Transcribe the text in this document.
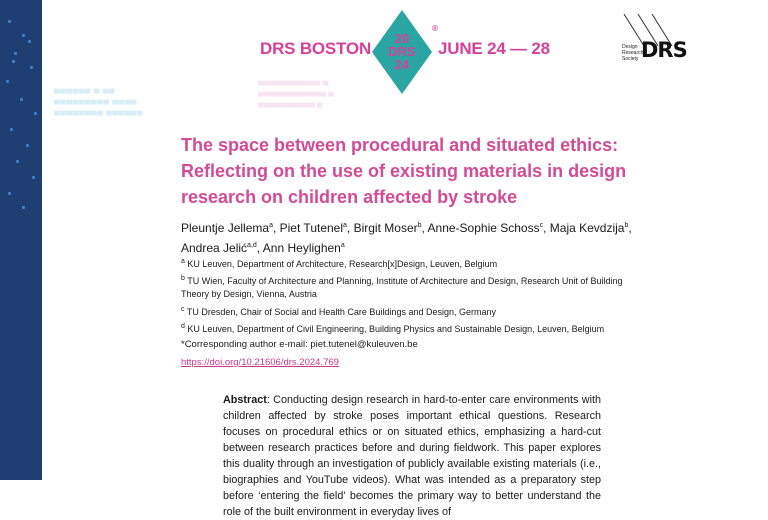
▀▀▀▀▀▀ ▀ ▀▀
▀▀▀▀▀▀▀▀▀ ▀▀▀▀
▀▀▀▀▀▀▀▀ ▀▀▀▀▀▀
▀▀▀▀▀▀▀▀▀▀▀ ▀
▀▀▀▀▀▀▀▀▀▀▀▀ ▀
▀▀▀▀▀▀▀▀▀▀ ▀
DRS BOSTON
20
DRS
24
®
JUNE 24 — 28	Design
Research
Society DRS
The space between procedural and situated ethics: Reflecting on the use of existing materials in design research on children affected by stroke
Pleuntje Jellema$^a$, Piet Tutenel$^a$, Birgit Moser$^b$, Anne-Sophie Schoss$^c$, Maja Kevdzija$^b$, Andrea Jelić$^{a,d}$, Ann Heylighen$^a$
$^a$ KU Leuven, Department of Architecture, Research[x]Design, Leuven, Belgium
$^b$ TU Wien, Faculty of Architecture and Planning, Institute of Architecture and Design, Research Unit of Building Theory by Design, Vienna, Austria
$^c$ TU Dresden, Chair of Social and Health Care Buildings and Design, Germany
$^d$ KU Leuven, Department of Civil Engineering, Building Physics and Sustainable Design, Leuven, Belgium
*Corresponding author e-mail: piet.tutenel@kuleuven.be
https://doi.org/10.21606/drs.2024.769
Abstract: Conducting design research in hard-to-enter care environments with children affected by stroke poses important ethical questions. Research focuses on procedural ethics or on situated ethics, emphasizing a hard-cut between research practices before and during fieldwork. This paper explores this duality through an investigation of publicly available existing materials (i.e., biographies and YouTube videos). What was intended as a preparatory step before ‘entering the field’ becomes the primary way to better understand the role of the built environment in everyday lives of
